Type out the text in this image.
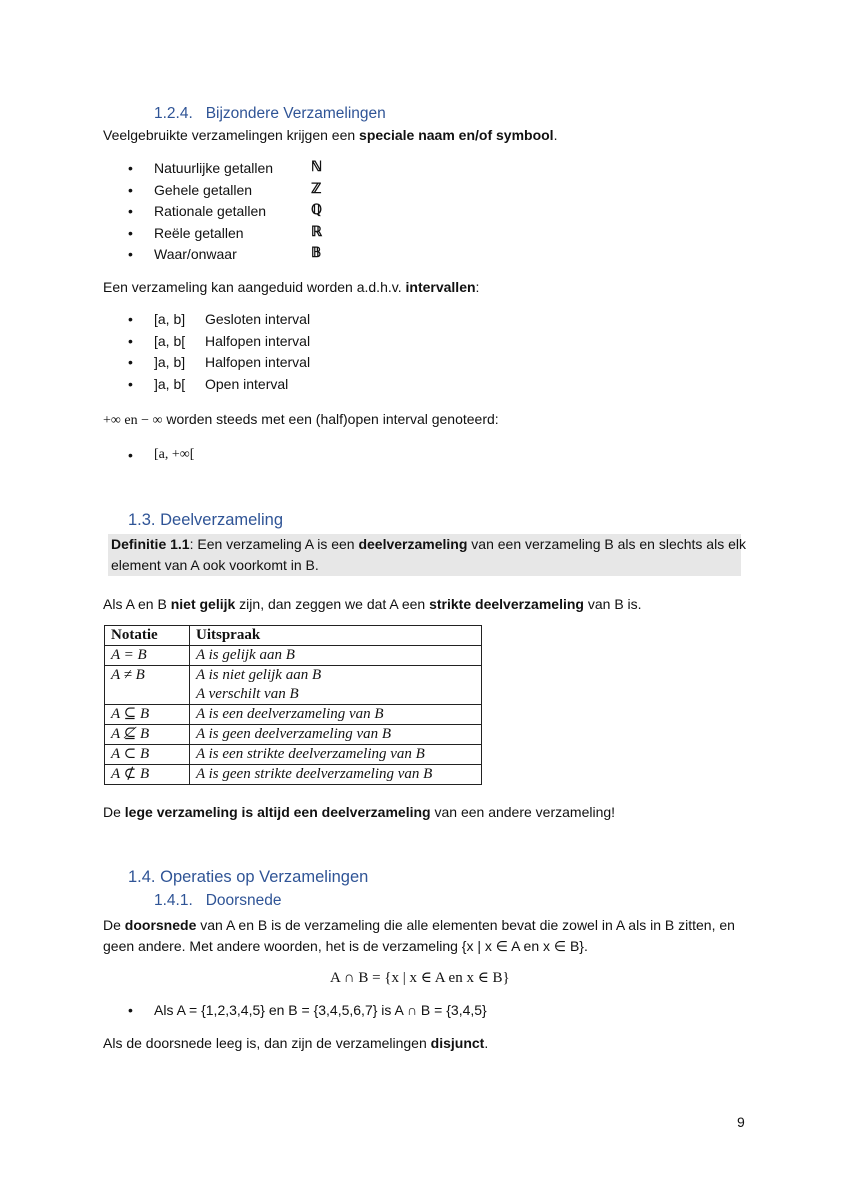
1.2.4. Bijzondere Verzamelingen
Veelgebruikte verzamelingen krijgen een speciale naam en/of symbool.
• Natuurlijke getallen	ℕ
• Gehele getallen	ℤ
• Rationale getallen	ℚ
• Reële getallen	ℝ
• Waar/onwaar	𝔹
Een verzameling kan aangeduid worden a.d.h.v. intervallen:
• [a, b] Gesloten interval
• [a, b[ Halfopen interval
• ]a, b] Halfopen interval
• ]a, b[ Open interval
+∞ en − ∞ worden steeds met een (half)open interval genoteerd:
• [a, +∞[
1.3. Deelverzameling
Definitie 1.1: Een verzameling A is een deelverzameling van een verzameling B als en slechts als elk
element van A ook voorkomt in B.
Als A en B niet gelijk zijn, dan zeggen we dat A een strikte deelverzameling van B is.
Notatie	Uitspraak
A = B	A is gelijk aan B
A ≠ B	A is niet gelijk aan B
A verschilt van B

A ⊆ B	A is een deelverzameling van B
A ⊈ B	A is geen deelverzameling van B
A ⊂ B	A is een strikte deelverzameling van B
A ⊄ B	A is geen strikte deelverzameling van B
De lege verzameling is altijd een deelverzameling van een andere verzameling!
1.4. Operaties op Verzamelingen
1.4.1. Doorsnede
De doorsnede van A en B is de verzameling die alle elementen bevat die zowel in A als in B zitten, en
geen andere. Met andere woorden, het is de verzameling {x | x ∈ A en x ∈ B}.
A ∩ B = {x | x ∈ A en x ∈ B}
• Als A = {1,2,3,4,5} en B = {3,4,5,6,7} is A ∩ B = {3,4,5}
Als de doorsnede leeg is, dan zijn de verzamelingen disjunct.
9
